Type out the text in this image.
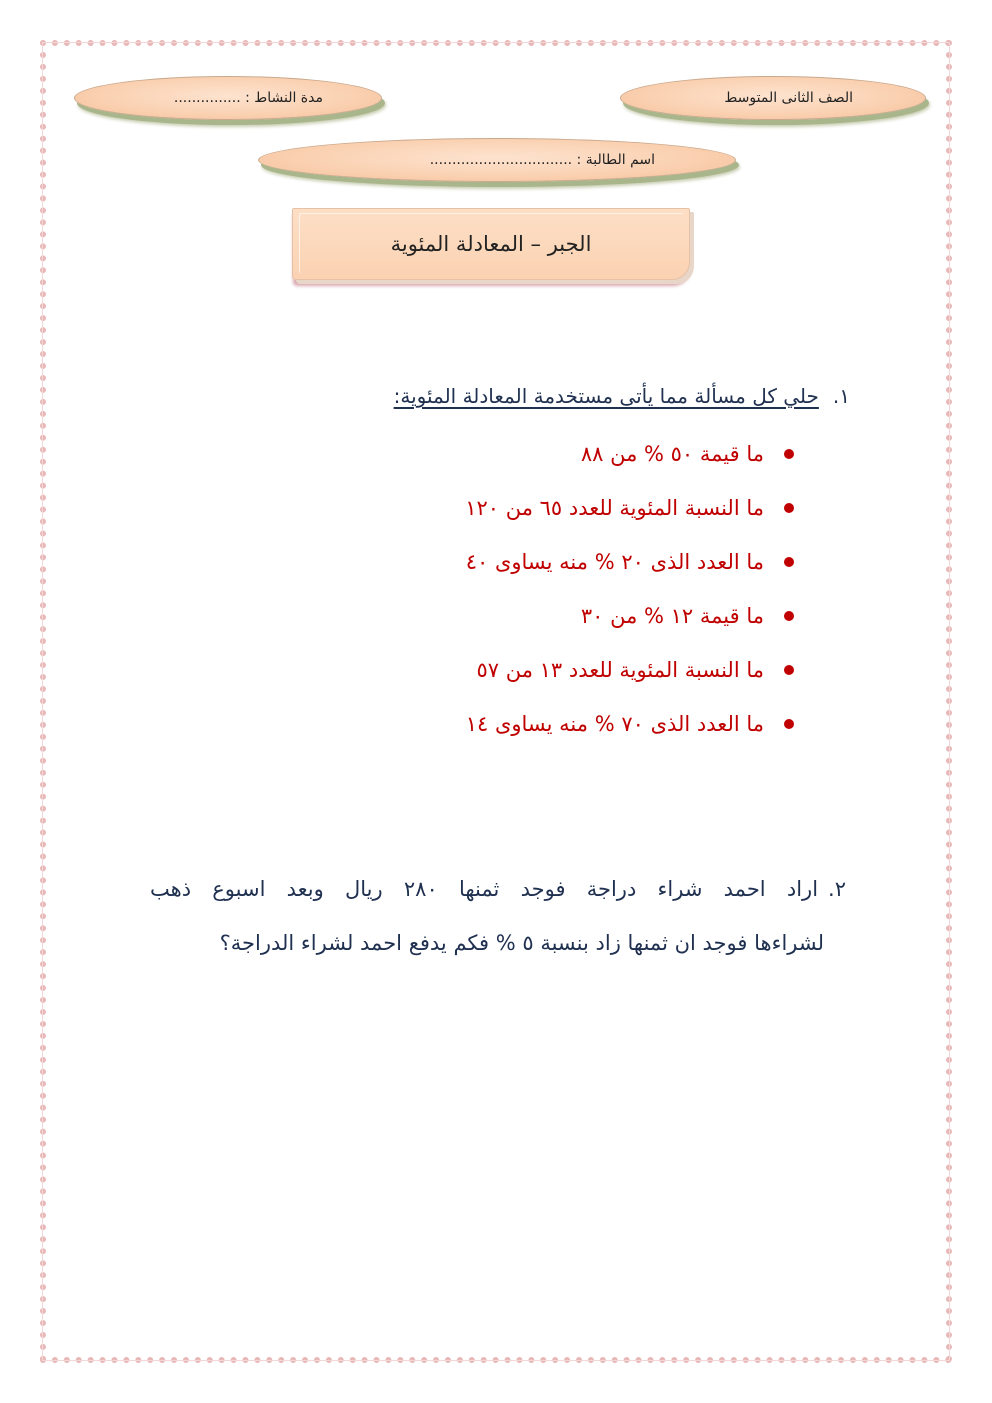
الصف الثانى المتوسط
مدة النشاط : ...............
اسم الطالبة : ................................
الجبر – المعادلة المئوية
١.حلي كل مسألة مما يأتى مستخدمة المعادلة المئوية:
ما قيمة ٥٠ % من ٨٨
ما النسبة المئوية للعدد ٦٥ من ١٢٠
ما العدد الذى ٢٠ % منه يساوى ٤٠
ما قيمة ١٢ % من ٣٠
ما النسبة المئوية للعدد ١٣ من ٥٧
ما العدد الذى ٧٠ % منه يساوى ١٤
٢.اراد احمد شراء دراجة فوجد ثمنها ٢٨٠ ريال وبعد اسبوع ذهب
لشراءها فوجد ان ثمنها زاد بنسبة ٥ % فكم يدفع احمد لشراء الدراجة؟
